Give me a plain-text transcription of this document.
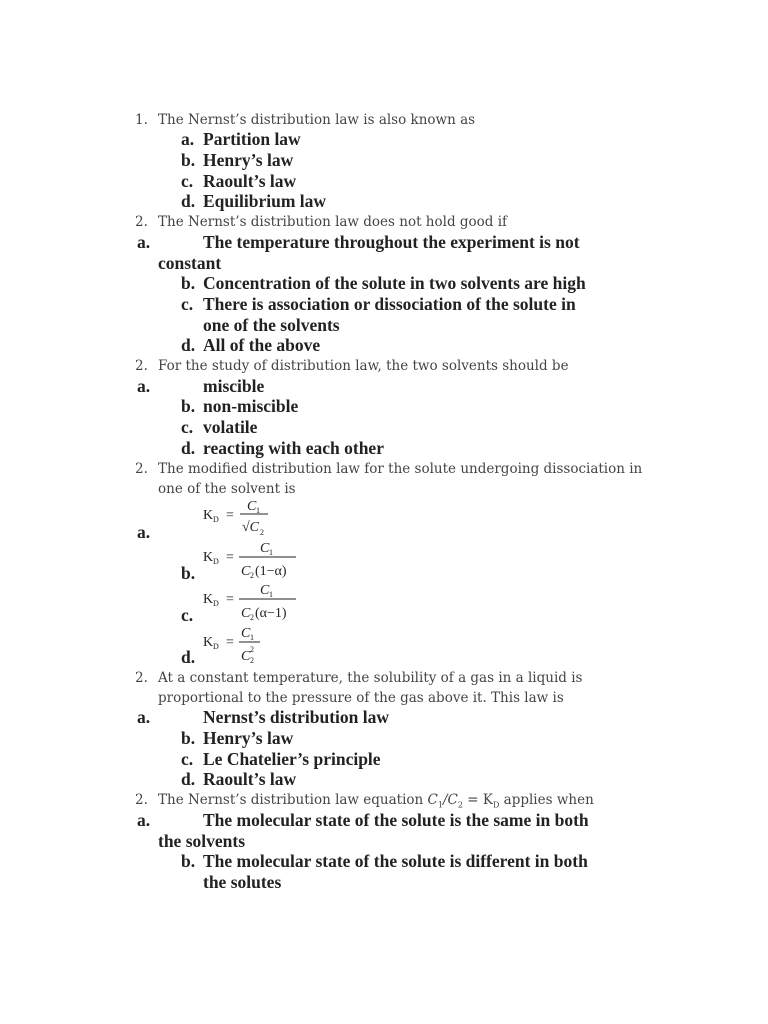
1. The Nernst’s distribution law is also known as
a. Partition law
b. Henry’s law
c. Raoult’s law
d. Equilibrium law
2. The Nernst’s distribution law does not hold good if
a.	The temperature throughout the experiment is not
constant
b. Concentration of the solute in two solvents are high
c. There is association or dissociation of the solute in
one of the solvents
d. All of the above
2. For the study of distribution law, the two solvents should be
a.	miscible
b. non-miscible
c. volatile
d. reacting with each other
2. The modified distribution law for the solute undergoing dissociation in
one of the solvent is
a.
K D =
C 1
√C 2
b.
K D =
C 1
C 2 (1−α)
c.
K D =
C 1
C 2 (α−1)
d.
K D =
C 1
C 2
2
2. At a constant temperature, the solubility of a gas in a liquid is
proportional to the pressure of the gas above it. This law is
a.	Nernst’s distribution law
b. Henry’s law
c. Le Chatelier’s principle
d. Raoult’s law
2. The Nernst’s distribution law equation $C_1/C_2 = K_D$ applies when
a.	The molecular state of the solute is the same in both
the solvents
b. The molecular state of the solute is different in both
the solutes
